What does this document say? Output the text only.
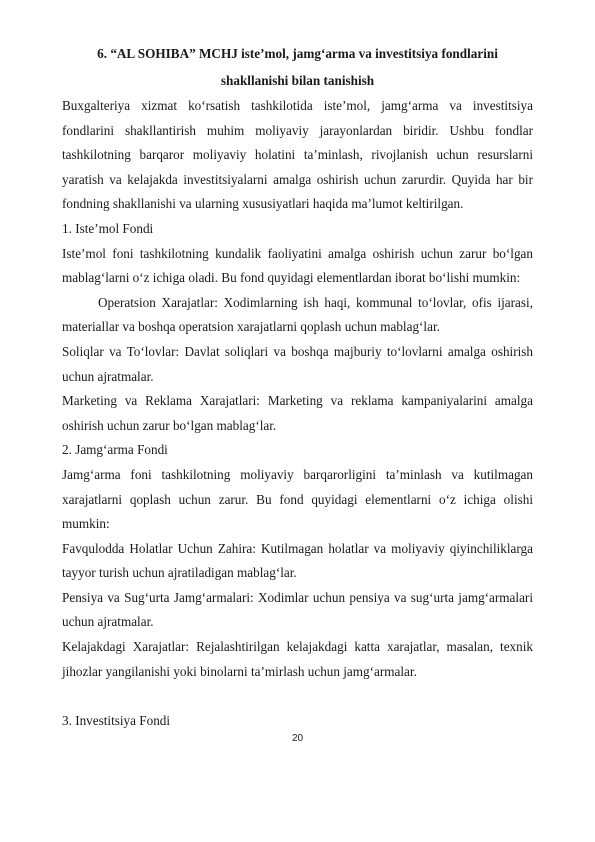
6. “AL SOHIBA” MCHJ iste’mol, jamg‘arma va investitsiya fondlarini
shakllanishi bilan tanishish

Buxgalteriya xizmat ko‘rsatish tashkilotida iste’mol, jamg‘arma va investitsiya fondlarini shakllantirish muhim moliyaviy jarayonlardan biridir. Ushbu fondlar tashkilotning barqaror moliyaviy holatini ta’minlash, rivojlanish uchun resurslarni yaratish va kelajakda investitsiyalarni amalga oshirish uchun zarurdir. Quyida har bir fondning shakllanishi va ularning xususiyatlari haqida ma’lumot keltirilgan.

1. Iste’mol Fondi

Iste’mol foni tashkilotning kundalik faoliyatini amalga oshirish uchun zarur bo‘lgan mablag‘larni o‘z ichiga oladi. Bu fond quyidagi elementlardan iborat bo‘lishi mumkin:

Operatsion Xarajatlar: Xodimlarning ish haqi, kommunal to‘lovlar, ofis ijarasi, materiallar va boshqa operatsion xarajatlarni qoplash uchun mablag‘lar.

Soliqlar va To‘lovlar: Davlat soliqlari va boshqa majburiy to‘lovlarni amalga oshirish uchun ajratmalar.

Marketing va Reklama Xarajatlari: Marketing va reklama kampaniyalarini amalga oshirish uchun zarur bo‘lgan mablag‘lar.

2. Jamg‘arma Fondi

Jamg‘arma foni tashkilotning moliyaviy barqarorligini ta’minlash va kutilmagan xarajatlarni qoplash uchun zarur. Bu fond quyidagi elementlarni o‘z ichiga olishi mumkin:

Favqulodda Holatlar Uchun Zahira: Kutilmagan holatlar va moliyaviy qiyinchiliklarga tayyor turish uchun ajratiladigan mablag‘lar.

Pensiya va Sug‘urta Jamg‘armalari: Xodimlar uchun pensiya va sug‘urta jamg‘armalari uchun ajratmalar.

Kelajakdagi Xarajatlar: Rejalashtirilgan kelajakdagi katta xarajatlar, masalan, texnik jihozlar yangilanishi yoki binolarni ta’mirlash uchun jamg‘armalar.

3. Investitsiya Fondi

20
